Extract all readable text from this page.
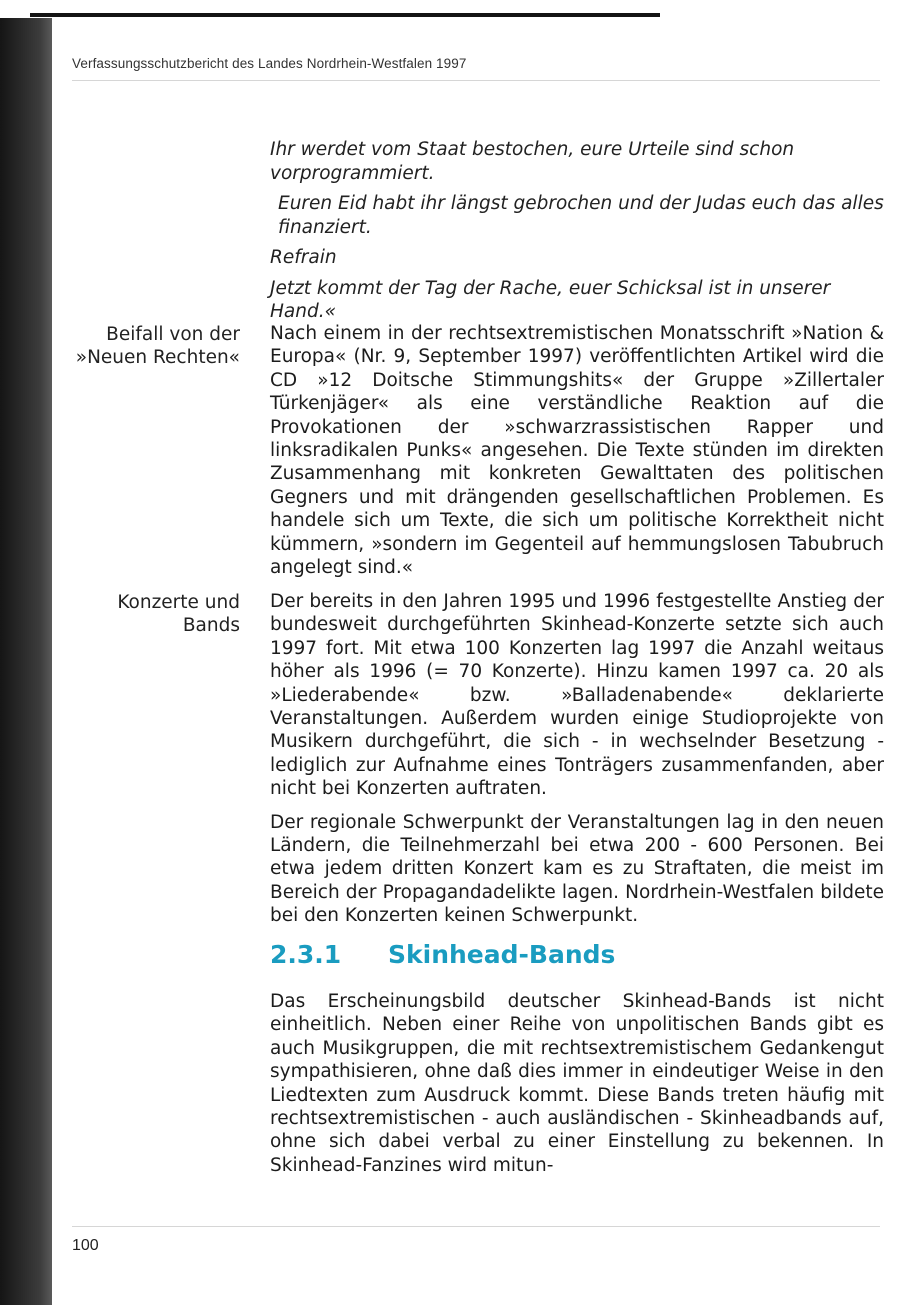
Verfassungsschutzbericht des Landes Nordrhein-Westfalen 1997

Ihr werdet vom Staat bestochen, eure Urteile sind schon vorprogrammiert.

Euren Eid habt ihr längst gebrochen und der Judas euch das alles finanziert.

Refrain

Jetzt kommt der Tag der Rache, euer Schicksal ist in unserer Hand.«

Beifall von der
»Neuen Rechten«

Nach einem in der rechtsextremistischen Monatsschrift »Nation & Europa« (Nr. 9, September 1997) veröffentlichten Artikel wird die CD »12 Doitsche Stimmungshits« der Gruppe »Zillertaler Türkenjäger« als eine verständliche Reaktion auf die Provokationen der »schwarzrassistischen Rapper und linksradikalen Punks« angesehen. Die Texte stünden im direkten Zusammenhang mit konkreten Gewalttaten des politischen Gegners und mit drängenden gesellschaftlichen Problemen. Es handele sich um Texte, die sich um politische Korrektheit nicht kümmern, »sondern im Gegenteil auf hemmungslosen Tabubruch angelegt sind.«

Konzerte und
Bands

Der bereits in den Jahren 1995 und 1996 festgestellte Anstieg der bundesweit durchgeführten Skinhead-Konzerte setzte sich auch 1997 fort. Mit etwa 100 Konzerten lag 1997 die Anzahl weitaus höher als 1996 (= 70 Konzerte). Hinzu kamen 1997 ca. 20 als »Liederabende« bzw. »Balladenabende« deklarierte Veranstaltungen. Außerdem wurden einige Studioprojekte von Musikern durchgeführt, die sich - in wechselnder Besetzung - lediglich zur Aufnahme eines Tonträgers zusammenfanden, aber nicht bei Konzerten auftraten.

Der regionale Schwerpunkt der Veranstaltungen lag in den neuen Ländern, die Teilnehmerzahl bei etwa 200 - 600 Personen. Bei etwa jedem dritten Konzert kam es zu Straftaten, die meist im Bereich der Propagandadelikte lagen. Nordrhein-Westfalen bildete bei den Konzerten keinen Schwerpunkt.

2.3.1 Skinhead-Bands

Das Erscheinungsbild deutscher Skinhead-Bands ist nicht einheitlich. Neben einer Reihe von unpolitischen Bands gibt es auch Musikgruppen, die mit rechtsextremistischem Gedankengut sympathisieren, ohne daß dies immer in eindeutiger Weise in den Liedtexten zum Ausdruck kommt. Diese Bands treten häufig mit rechtsextremistischen - auch ausländischen - Skinheadbands auf, ohne sich dabei verbal zu einer Einstellung zu bekennen. In Skinhead-Fanzines wird mitun-

100
